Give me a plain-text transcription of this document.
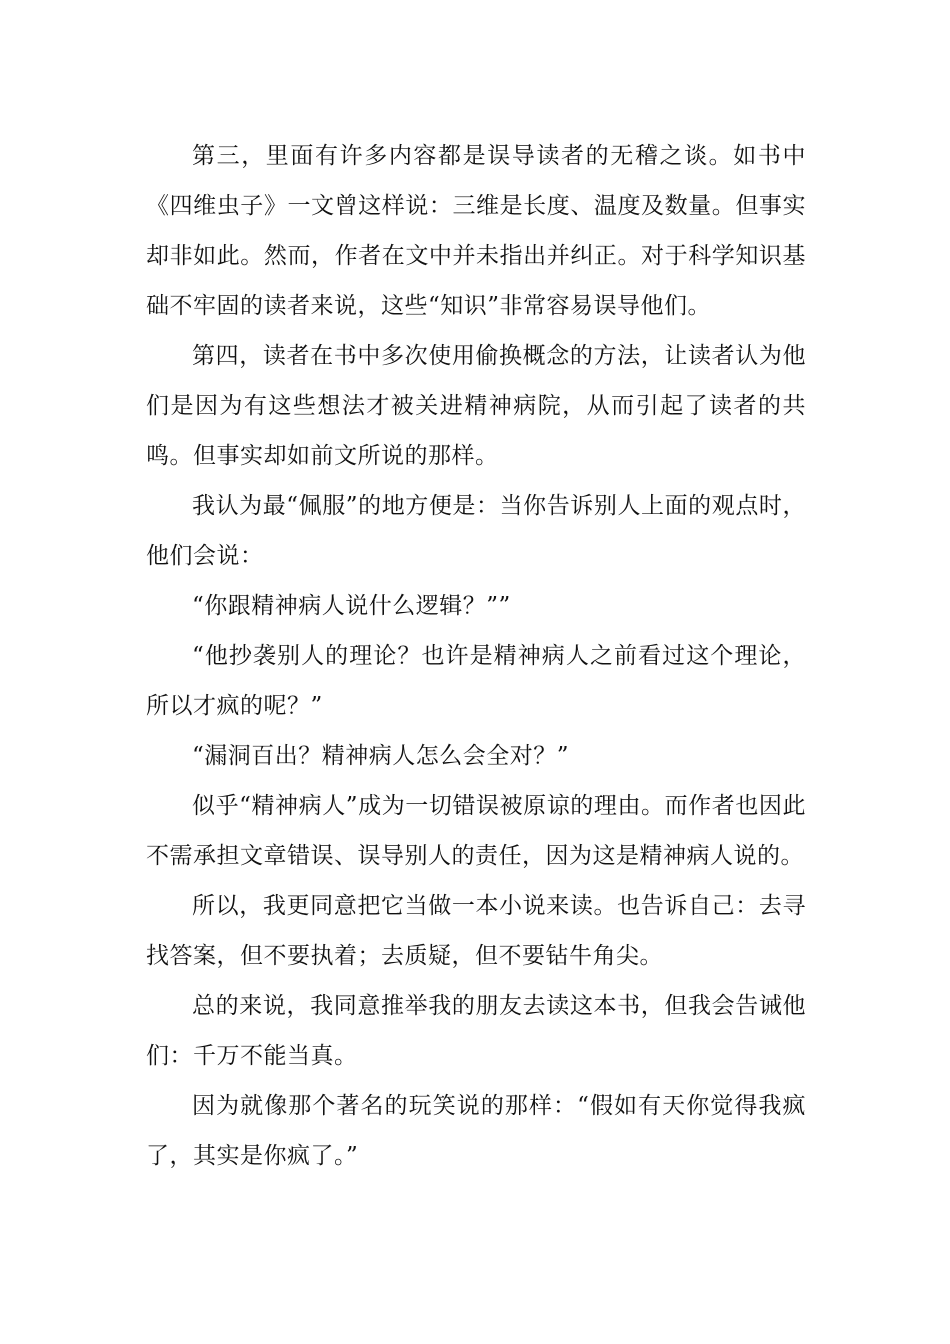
第三，里面有许多内容都是误导读者的无稽之谈。如书中《四维虫子》一文曾这样说：三维是长度、温度及数量。但事实却非如此。然而，作者在文中并未指出并纠正。对于科学知识基础不牢固的读者来说，这些“知识”非常容易误导他们。

第四，读者在书中多次使用偷换概念的方法，让读者认为他们是因为有这些想法才被关进精神病院，从而引起了读者的共鸣。但事实却如前文所说的那样。

我认为最“佩服”的地方便是：当你告诉别人上面的观点时，他们会说：

“你跟精神病人说什么逻辑？””

“他抄袭别人的理论？也许是精神病人之前看过这个理论，所以才疯的呢？”

“漏洞百出？精神病人怎么会全对？”

似乎“精神病人”成为一切错误被原谅的理由。而作者也因此不需承担文章错误、误导别人的责任，因为这是精神病人说的。

所以，我更同意把它当做一本小说来读。也告诉自己：去寻找答案，但不要执着；去质疑，但不要钻牛角尖。

总的来说，我同意推举我的朋友去读这本书，但我会告诫他们：千万不能当真。

因为就像那个著名的玩笑说的那样：“假如有天你觉得我疯了，其实是你疯了。”
